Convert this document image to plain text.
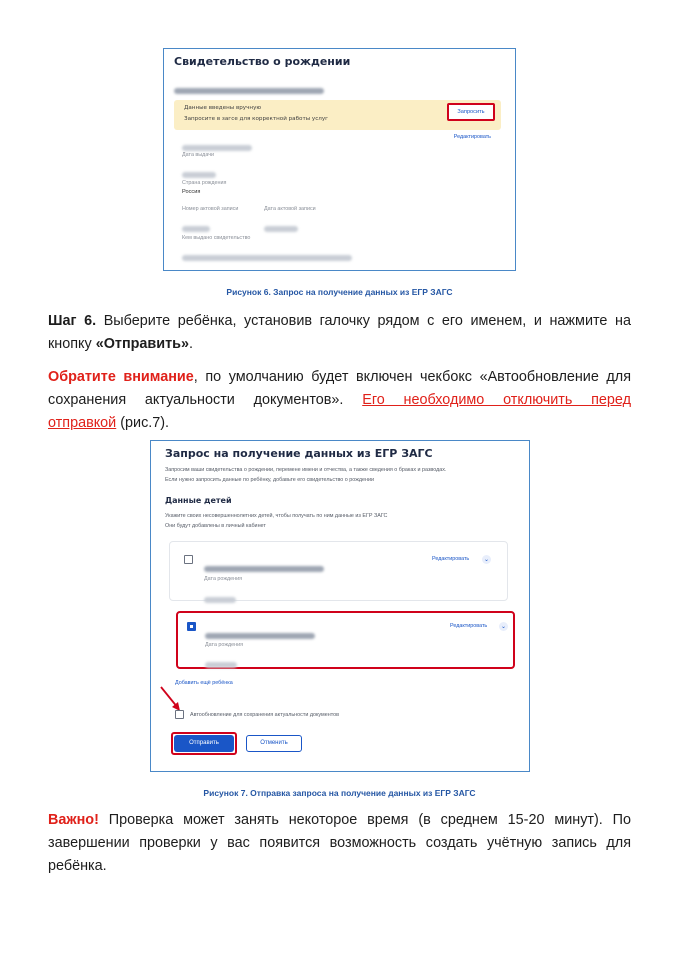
Свидетельство о рождении
Данные введены вручную
Запросите в загсе для корректной работы услуг
Запросить
Редактировать
Дата выдачи
Страна рождения
Россия
Номер актовой записи	Дата актовой записи
Кем выдано свидетельство
Рисунок 6. Запрос на получение данных из ЕГР ЗАГС
Шаг 6. Выберите ребёнка, установив галочку рядом с его именем, и нажмите на
кнопку «Отправить».
Обратите внимание, по умолчанию будет включен чекбокс «Автообновление для
сохранения актуальности документов». Его необходимо отключить перед
отправкой (рис.7).
Запрос на получение данных из ЕГР ЗАГС
Запросим ваши свидетельства о рождении, перемене имени и отчества, а также сведения о браках и разводах.
Если нужно запросить данные по ребёнку, добавьте его свидетельство о рождении
Данные детей
Укажите своих несовершеннолетних детей, чтобы получать по ним данные из ЕГР ЗАГС
Они будут добавлены в личный кабинет
Редактировать	⌄
Дата рождения
Редактировать	⌄
Дата рождения
Добавить ещё ребёнка
Автообновление для сохранения актуальности документов
Отправить	Отменить
Рисунок 7. Отправка запроса на получение данных из ЕГР ЗАГС
Важно! Проверка может занять некоторое время (в среднем 15-20 минут). По
завершении проверки у вас появится возможность создать учётную запись для
ребёнка.
